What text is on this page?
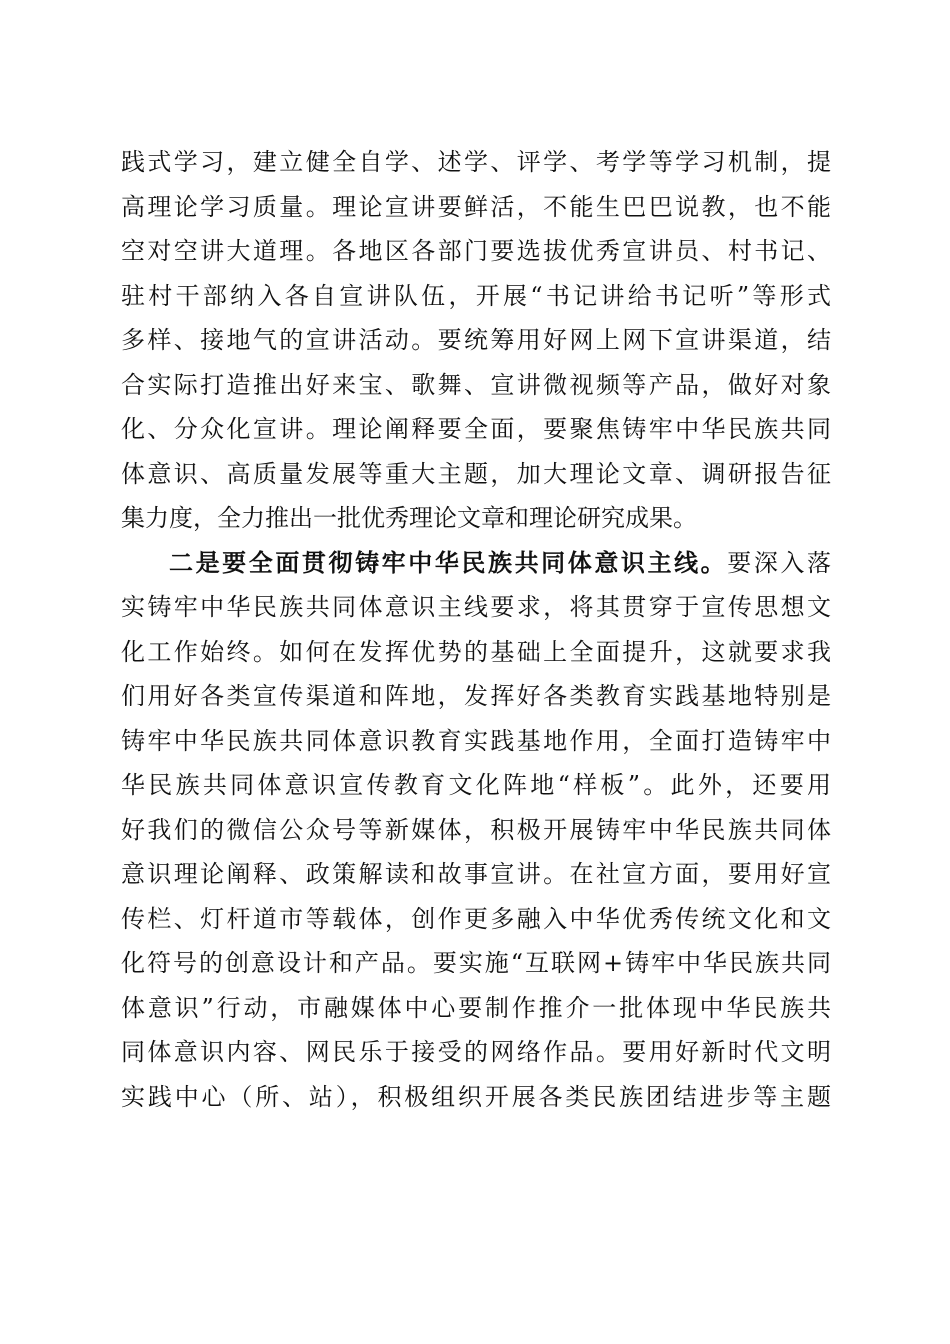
践式学习，建立健全自学、述学、评学、考学等学习机制，提
高理论学习质量。理论宣讲要鲜活，不能生巴巴说教，也不能
空对空讲大道理。各地区各部门要选拔优秀宣讲员、村书记、
驻村干部纳入各自宣讲队伍，开展“书记讲给书记听”等形式
多样、接地气的宣讲活动。要统筹用好网上网下宣讲渠道，结
合实际打造推出好来宝、歌舞、宣讲微视频等产品，做好对象
化、分众化宣讲。理论阐释要全面，要聚焦铸牢中华民族共同
体意识、高质量发展等重大主题，加大理论文章、调研报告征
集力度，全力推出一批优秀理论文章和理论研究成果。
二是要全面贯彻铸牢中华民族共同体意识主线。要深入落
实铸牢中华民族共同体意识主线要求，将其贯穿于宣传思想文
化工作始终。如何在发挥优势的基础上全面提升，这就要求我
们用好各类宣传渠道和阵地，发挥好各类教育实践基地特别是
铸牢中华民族共同体意识教育实践基地作用，全面打造铸牢中
华民族共同体意识宣传教育文化阵地“样板”。此外，还要用
好我们的微信公众号等新媒体，积极开展铸牢中华民族共同体
意识理论阐释、政策解读和故事宣讲。在社宣方面，要用好宣
传栏、灯杆道市等载体，创作更多融入中华优秀传统文化和文
化符号的创意设计和产品。要实施“互联网+铸牢中华民族共同
体意识”行动，市融媒体中心要制作推介一批体现中华民族共
同体意识内容、网民乐于接受的网络作品。要用好新时代文明
实践中心（所、站），积极组织开展各类民族团结进步等主题
